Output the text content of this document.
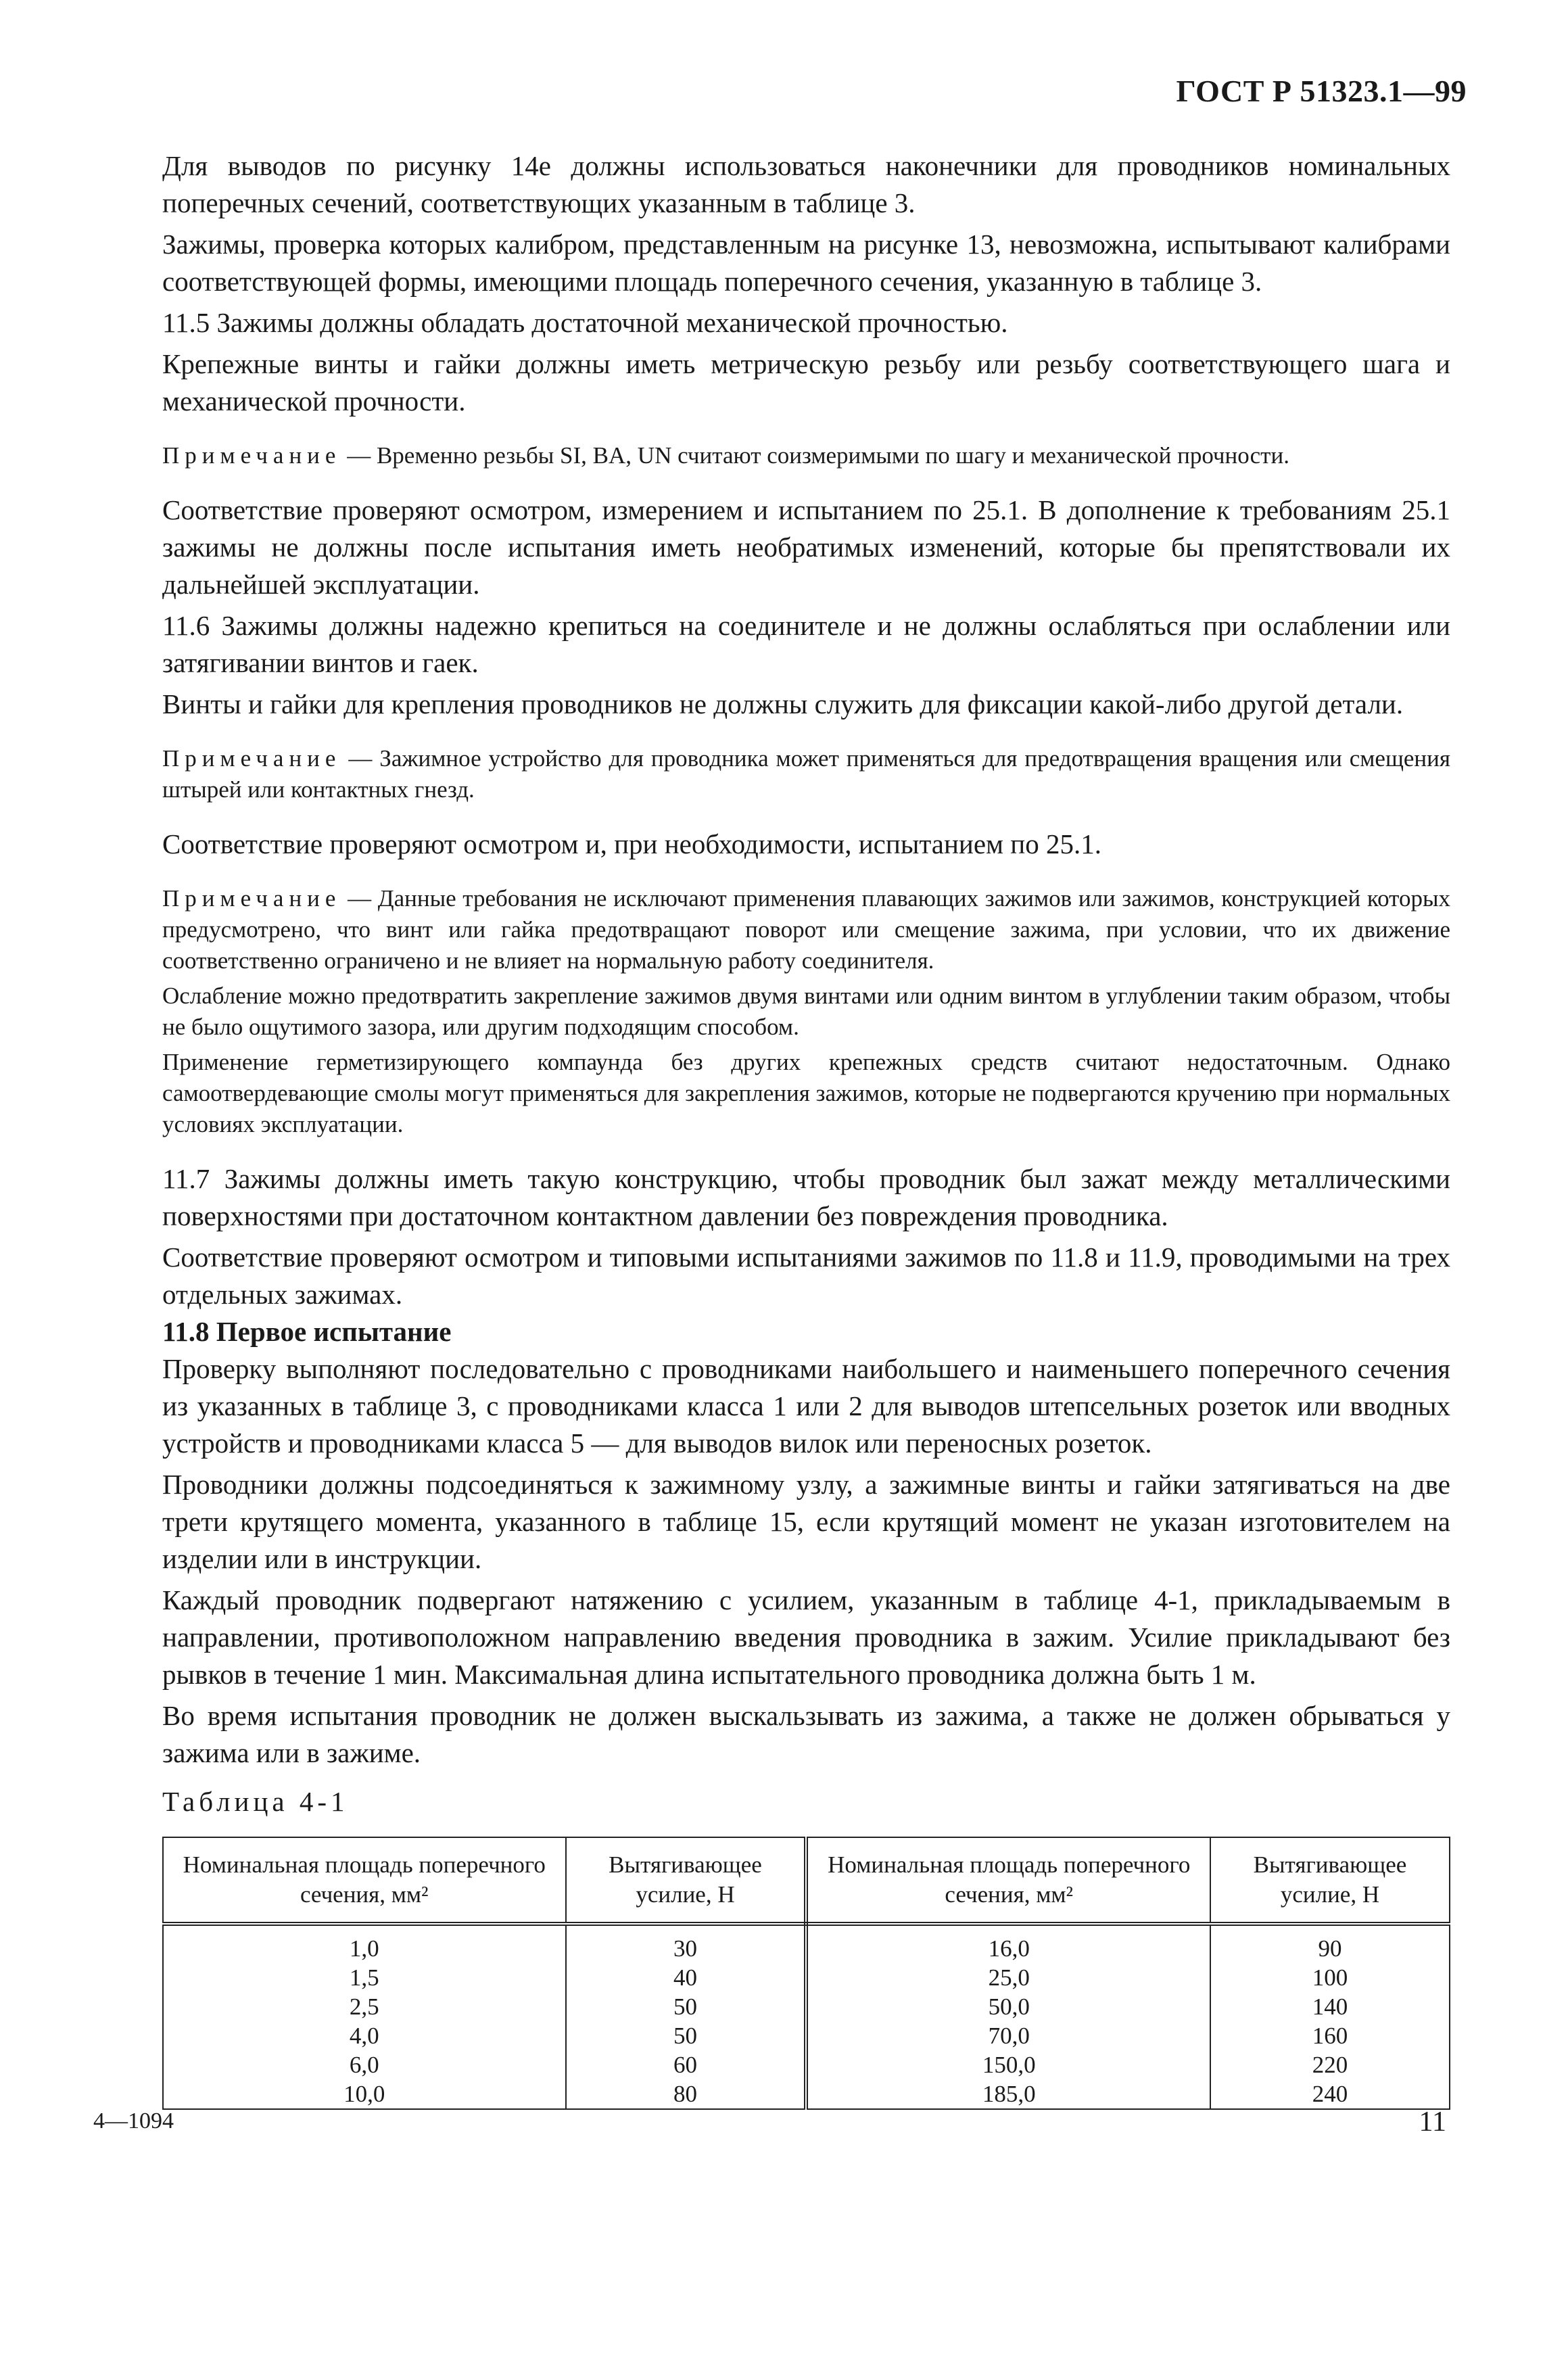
ГОСТ Р 51323.1—99

Для выводов по рисунку 14е должны использоваться наконечники для проводников номинальных поперечных сечений, соответствующих указанным в таблице 3.

Зажимы, проверка которых калибром, представленным на рисунке 13, невозможна, испытывают калибрами соответствующей формы, имеющими площадь поперечного сечения, указанную в таблице 3.

11.5 Зажимы должны обладать достаточной механической прочностью.

Крепежные винты и гайки должны иметь метрическую резьбу или резьбу соответствующего шага и механической прочности.

Примечание — Временно резьбы SI, BA, UN считают соизмеримыми по шагу и механической прочности.

Соответствие проверяют осмотром, измерением и испытанием по 25.1. В дополнение к требованиям 25.1 зажимы не должны после испытания иметь необратимых изменений, которые бы препятствовали их дальнейшей эксплуатации.

11.6 Зажимы должны надежно крепиться на соединителе и не должны ослабляться при ослаблении или затягивании винтов и гаек.

Винты и гайки для крепления проводников не должны служить для фиксации какой-либо другой детали.

Примечание — Зажимное устройство для проводника может применяться для предотвращения вращения или смещения штырей или контактных гнезд.

Соответствие проверяют осмотром и, при необходимости, испытанием по 25.1.

Примечание — Данные требования не исключают применения плавающих зажимов или зажимов, конструкцией которых предусмотрено, что винт или гайка предотвращают поворот или смещение зажима, при условии, что их движение соответственно ограничено и не влияет на нормальную работу соединителя.

Ослабление можно предотвратить закрепление зажимов двумя винтами или одним винтом в углублении таким образом, чтобы не было ощутимого зазора, или другим подходящим способом.

Применение герметизирующего компаунда без других крепежных средств считают недостаточным. Однако самоотвердевающие смолы могут применяться для закрепления зажимов, которые не подвергаются кручению при нормальных условиях эксплуатации.

11.7 Зажимы должны иметь такую конструкцию, чтобы проводник был зажат между металлическими поверхностями при достаточном контактном давлении без повреждения проводника.

Соответствие проверяют осмотром и типовыми испытаниями зажимов по 11.8 и 11.9, проводимыми на трех отдельных зажимах.

11.8 Первое испытание

Проверку выполняют последовательно с проводниками наибольшего и наименьшего поперечного сечения из указанных в таблице 3, с проводниками класса 1 или 2 для выводов штепсельных розеток или вводных устройств и проводниками класса 5 — для выводов вилок или переносных розеток.

Проводники должны подсоединяться к зажимному узлу, а зажимные винты и гайки затягиваться на две трети крутящего момента, указанного в таблице 15, если крутящий момент не указан изготовителем на изделии или в инструкции.

Каждый проводник подвергают натяжению с усилием, указанным в таблице 4-1, прикладываемым в направлении, противоположном направлению введения проводника в зажим. Усилие прикладывают без рывков в течение 1 мин. Максимальная длина испытательного проводника должна быть 1 м.

Во время испытания проводник не должен выскальзывать из зажима, а также не должен обрываться у зажима или в зажиме.

Таблица 4-1
Номинальная площадь поперечного сечения, мм²	Вытягивающее усилие, Н	Номинальная площадь поперечного сечения, мм²	Вытягивающее усилие, Н
1,0	30	16,0	90
1,5	40	25,0	100
2,5	50	50,0	140
4,0	50	70,0	160
6,0	60	150,0	220
10,0	80	185,0	240
4—1094	11
